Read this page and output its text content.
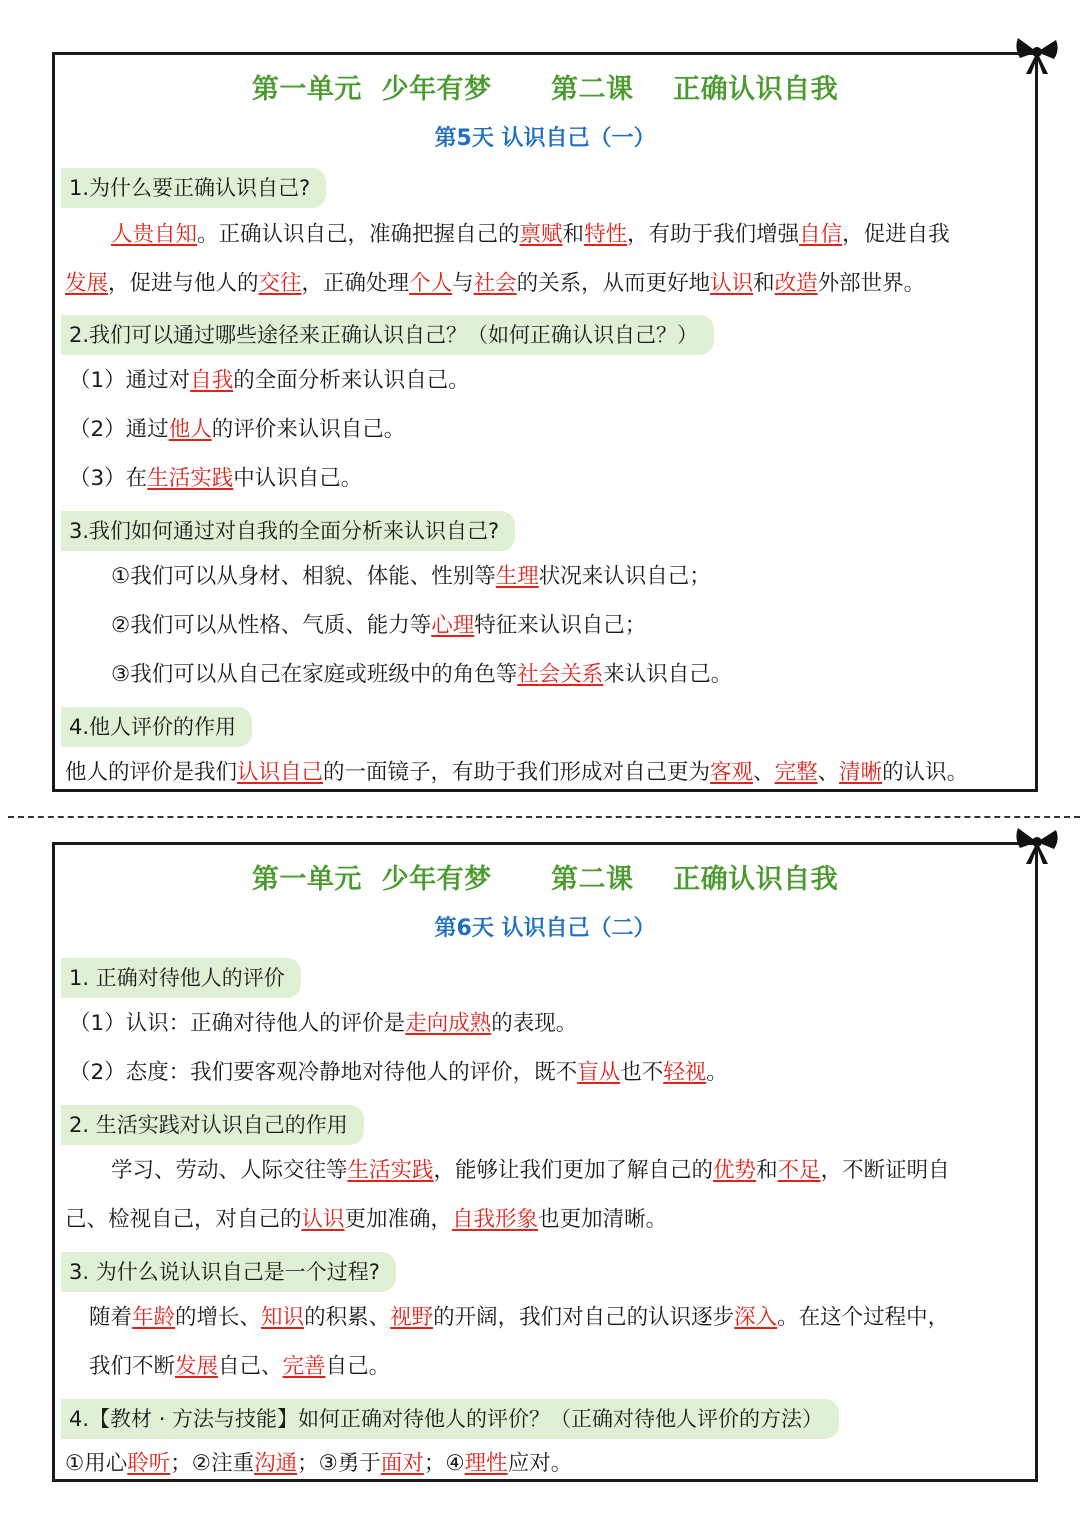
第一单元  少年有梦      第二课    正确认识自我
第5天 认识自己（一）
1.为什么要正确认识自己?
人贵自知。正确认识自己，准确把握自己的禀赋和特性，有助于我们增强自信，促进自我
发展，促进与他人的交往，正确处理个人与社会的关系，从而更好地认识和改造外部世界。
2.我们可以通过哪些途径来正确认识自己？（如何正确认识自己？）
（1）通过对自我的全面分析来认识自己。
（2）通过他人的评价来认识自己。
（3）在生活实践中认识自己。
3.我们如何通过对自我的全面分析来认识自己?
①我们可以从身材、相貌、体能、性别等生理状况来认识自己；
②我们可以从性格、气质、能力等心理特征来认识自己；
③我们可以从自己在家庭或班级中的角色等社会关系来认识自己。
4.他人评价的作用
他人的评价是我们认识自己的一面镜子，有助于我们形成对自己更为客观、完整、清晰的认识。
第一单元  少年有梦      第二课    正确认识自我
第6天 认识自己（二）
1. 正确对待他人的评价
（1）认识：正确对待他人的评价是走向成熟的表现。
（2）态度：我们要客观冷静地对待他人的评价，既不盲从也不轻视。
2. 生活实践对认识自己的作用
学习、劳动、人际交往等生活实践，能够让我们更加了解自己的优势和不足，不断证明自
己、检视自己，对自己的认识更加准确，自我形象也更加清晰。
3. 为什么说认识自己是一个过程?
随着年龄的增长、知识的积累、视野的开阔，我们对自己的认识逐步深入。在这个过程中，
我们不断发展自己、完善自己。
4.【教材 · 方法与技能】如何正确对待他人的评价？（正确对待他人评价的方法）
①用心聆听；②注重沟通；③勇于面对；④理性应对。
